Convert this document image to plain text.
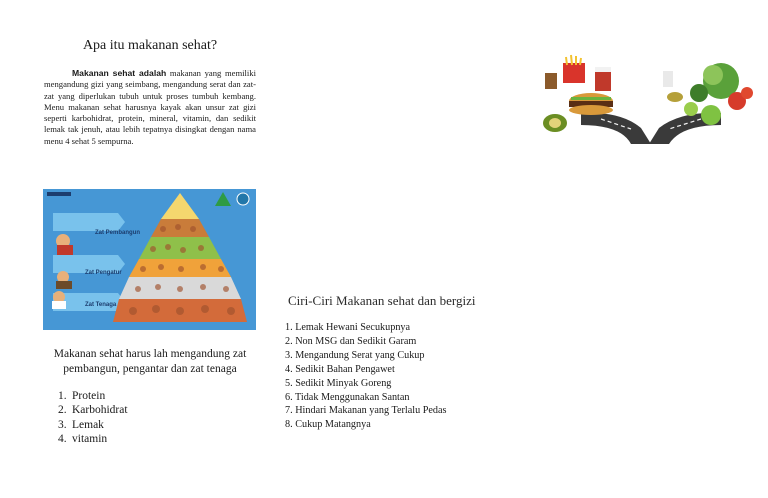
Apa itu makanan sehat?
Makanan sehat adalah makanan yang memiliki mengandung gizi yang seimbang, mengandung serat dan zat-zat yang diperlukan tubuh untuk proses tumbuh kembang. Menu makanan sehat harusnya kayak akan unsur zat gizi seperti karbohidrat, protein, mineral, vitamin, dan sedikit lemak tak jenuh, atau lebih tepatnya disingkat dengan nama menu 4 sehat 5 sempurna.
Zat Pembangun
Zat Pengatur
Zat Tenaga
Makanan sehat harus lah mengandung zat pembangun, pengantar dan zat tenaga
1. Protein
2. Karbohidrat
3. Lemak
4. vitamin
Ciri-Ciri Makanan sehat dan bergizi
1. Lemak Hewani Secukupnya
2. Non MSG dan Sedikit Garam
3. Mengandung Serat yang Cukup
4. Sedikit Bahan Pengawet
5. Sedikit Minyak Goreng
6. Tidak Menggunakan Santan
7. Hindari Makanan yang Terlalu Pedas
8. Cukup Matangnya
